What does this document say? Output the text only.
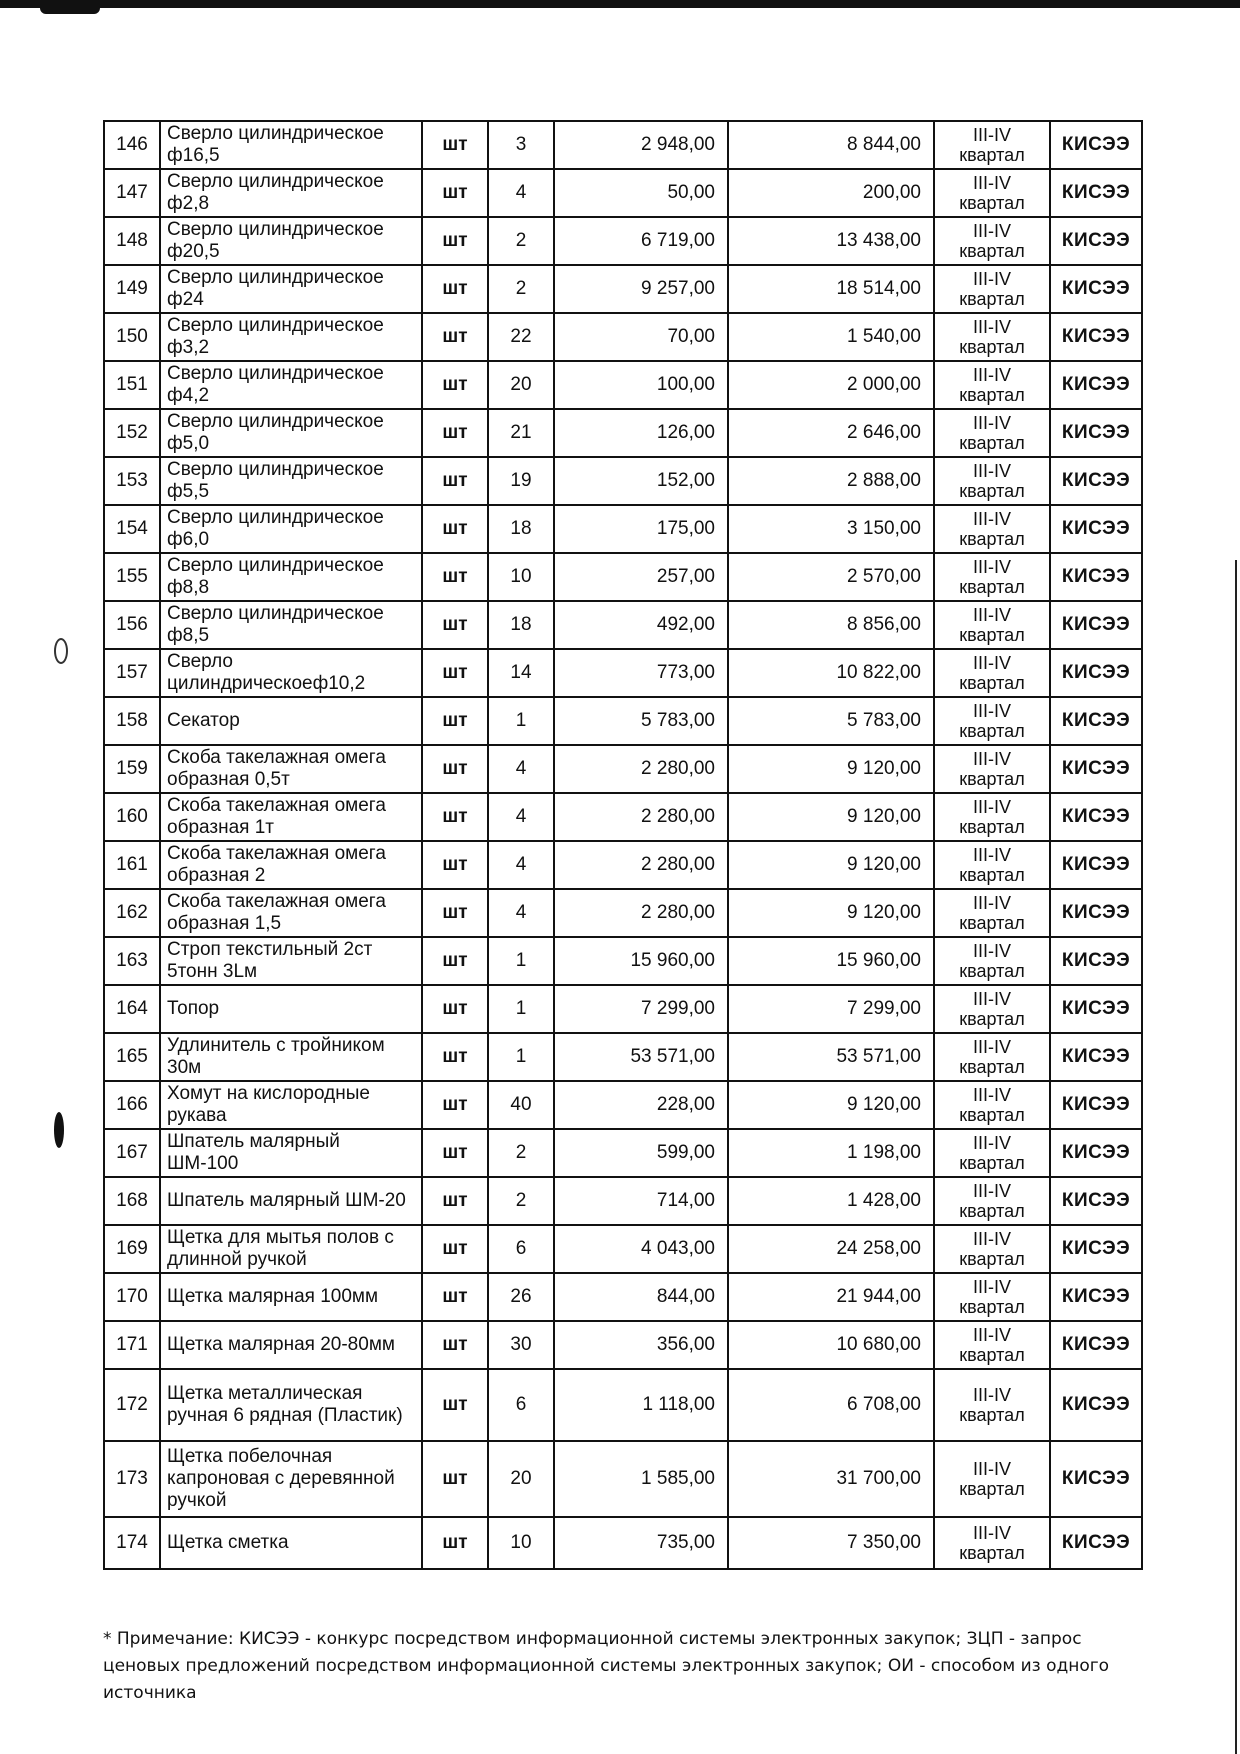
146	Сверло цилиндрическое ф16,5	шт	3	2 948,00	8 844,00	III-IV квартал	КИСЭЭ
147	Сверло цилиндрическое ф2,8	шт	4	50,00	200,00	III-IV квартал	КИСЭЭ
148	Сверло цилиндрическое ф20,5	шт	2	6 719,00	13 438,00	III-IV квартал	КИСЭЭ
149	Сверло цилиндрическое ф24	шт	2	9 257,00	18 514,00	III-IV квартал	КИСЭЭ
150	Сверло цилиндрическое ф3,2	шт	22	70,00	1 540,00	III-IV квартал	КИСЭЭ
151	Сверло цилиндрическое ф4,2	шт	20	100,00	2 000,00	III-IV квартал	КИСЭЭ
152	Сверло цилиндрическое ф5,0	шт	21	126,00	2 646,00	III-IV квартал	КИСЭЭ
153	Сверло цилиндрическое ф5,5	шт	19	152,00	2 888,00	III-IV квартал	КИСЭЭ
154	Сверло цилиндрическое ф6,0	шт	18	175,00	3 150,00	III-IV квартал	КИСЭЭ
155	Сверло цилиндрическое ф8,8	шт	10	257,00	2 570,00	III-IV квартал	КИСЭЭ
156	Сверло цилиндрическое ф8,5	шт	18	492,00	8 856,00	III-IV квартал	КИСЭЭ
157	Сверло цилиндрическоеф10,2	шт	14	773,00	10 822,00	III-IV квартал	КИСЭЭ
158	Секатор	шт	1	5 783,00	5 783,00	III-IV квартал	КИСЭЭ
159	Скоба такелажная омега образная 0,5т	шт	4	2 280,00	9 120,00	III-IV квартал	КИСЭЭ
160	Скоба такелажная омега образная 1т	шт	4	2 280,00	9 120,00	III-IV квартал	КИСЭЭ
161	Скоба такелажная омега образная 2	шт	4	2 280,00	9 120,00	III-IV квартал	КИСЭЭ
162	Скоба такелажная омега образная 1,5	шт	4	2 280,00	9 120,00	III-IV квартал	КИСЭЭ
163	Строп текстильный 2ст 5тонн 3Lм	шт	1	15 960,00	15 960,00	III-IV квартал	КИСЭЭ
164	Топор	шт	1	7 299,00	7 299,00	III-IV квартал	КИСЭЭ
165	Удлинитель с тройником 30м	шт	1	53 571,00	53 571,00	III-IV квартал	КИСЭЭ
166	Хомут на кислородные рукава	шт	40	228,00	9 120,00	III-IV квартал	КИСЭЭ
167	Шпатель малярный ШМ-100	шт	2	599,00	1 198,00	III-IV квартал	КИСЭЭ
168	Шпатель малярный ШМ-20	шт	2	714,00	1 428,00	III-IV квартал	КИСЭЭ
169	Щетка для мытья полов с длинной ручкой	шт	6	4 043,00	24 258,00	III-IV квартал	КИСЭЭ
170	Щетка малярная 100мм	шт	26	844,00	21 944,00	III-IV квартал	КИСЭЭ
171	Щетка малярная 20-80мм	шт	30	356,00	10 680,00	III-IV квартал	КИСЭЭ
172	Щетка металлическая ручная 6 рядная (Пластик)	шт	6	1 118,00	6 708,00	III-IV квартал	КИСЭЭ
173	Щетка побелочная капроновая с деревянной ручкой	шт	20	1 585,00	31 700,00	III-IV квартал	КИСЭЭ
174	Щетка сметка	шт	10	735,00	7 350,00	III-IV квартал	КИСЭЭ
* Примечание: КИСЭЭ - конкурс посредством информационной системы электронных закупок; ЗЦП - запрос ценовых предложений посредством информационной системы электронных закупок; ОИ - способом из одного источника
